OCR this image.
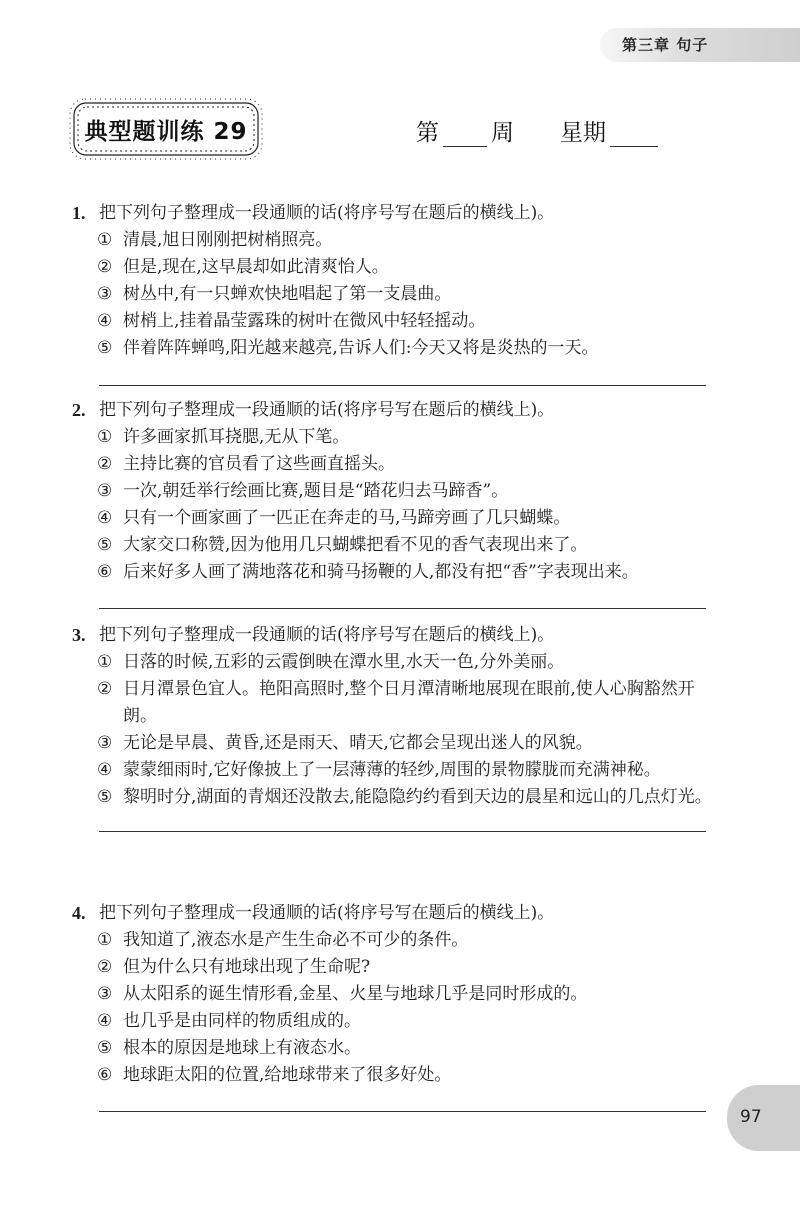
第三章 句子
典型题训练 29	第 周 星期
1. 把下列句子整理成一段通顺的话(将序号写在题后的横线上)。
① 清晨,旭日刚刚把树梢照亮。
② 但是,现在,这早晨却如此清爽怡人。
③ 树丛中,有一只蝉欢快地唱起了第一支晨曲。
④ 树梢上,挂着晶莹露珠的树叶在微风中轻轻摇动。
⑤ 伴着阵阵蝉鸣,阳光越来越亮,告诉人们:今天又将是炎热的一天。
2. 把下列句子整理成一段通顺的话(将序号写在题后的横线上)。
① 许多画家抓耳挠腮,无从下笔。
② 主持比赛的官员看了这些画直摇头。
③ 一次,朝廷举行绘画比赛,题目是“踏花归去马蹄香”。
④ 只有一个画家画了一匹正在奔走的马,马蹄旁画了几只蝴蝶。
⑤ 大家交口称赞,因为他用几只蝴蝶把看不见的香气表现出来了。
⑥ 后来好多人画了满地落花和骑马扬鞭的人,都没有把“香”字表现出来。
3. 把下列句子整理成一段通顺的话(将序号写在题后的横线上)。
① 日落的时候,五彩的云霞倒映在潭水里,水天一色,分外美丽。
② 日月潭景色宜人。艳阳高照时,整个日月潭清晰地展现在眼前,使人心胸豁然开朗。
③ 无论是早晨、黄昏,还是雨天、晴天,它都会呈现出迷人的风貌。
④ 蒙蒙细雨时,它好像披上了一层薄薄的轻纱,周围的景物朦胧而充满神秘。
⑤ 黎明时分,湖面的青烟还没散去,能隐隐约约看到天边的晨星和远山的几点灯光。
4. 把下列句子整理成一段通顺的话(将序号写在题后的横线上)。
① 我知道了,液态水是产生生命必不可少的条件。
② 但为什么只有地球出现了生命呢?
③ 从太阳系的诞生情形看,金星、火星与地球几乎是同时形成的。
④ 也几乎是由同样的物质组成的。
⑤ 根本的原因是地球上有液态水。
⑥ 地球距太阳的位置,给地球带来了很多好处。
97
